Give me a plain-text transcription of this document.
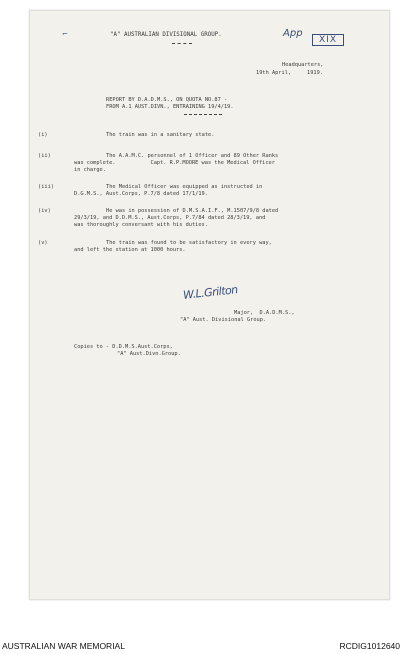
⌐	"A" AUSTRALIAN DIVISIONAL GROUP.	App
XIX
Headquarters,
19th April,     1919.
REPORT BY D.A.D.M.S., ON QUOTA NO.87 -
FROM A.1 AUST.DIVN., ENTRAINING 19/4/19.
(i)	The train was in a sanitary state.
(ii)	The A.A.M.C. personnel of 1 Officer and 89 Other Ranks
was complete.           Capt. R.P.MOORE was the Medical Officer
in charge.
(iii)	The Medical Officer was equipped as instructed in
D.G.M.S., Aust.Corps, P.7/8 dated 17/1/19.
(iv)	He was in possession of D.M.S.A.I.F., M.1507/9/8 dated
29/3/19, and D.D.M.S., Aust.Corps, P.7/84 dated 28/3/19, and
was thoroughly conversant with his duties.
(v)	The train was found to be satisfactory in every way,
and left the station at 1000 hours.
W.L.Grilton
Major,  D.A.D.M.S.,
"A" Aust. Divisional Group.
Copies to - D.D.M.S.Aust.Corps,
"A" Aust.Divn.Group.
AUSTRALIAN WAR MEMORIAL	RCDIG1012640
